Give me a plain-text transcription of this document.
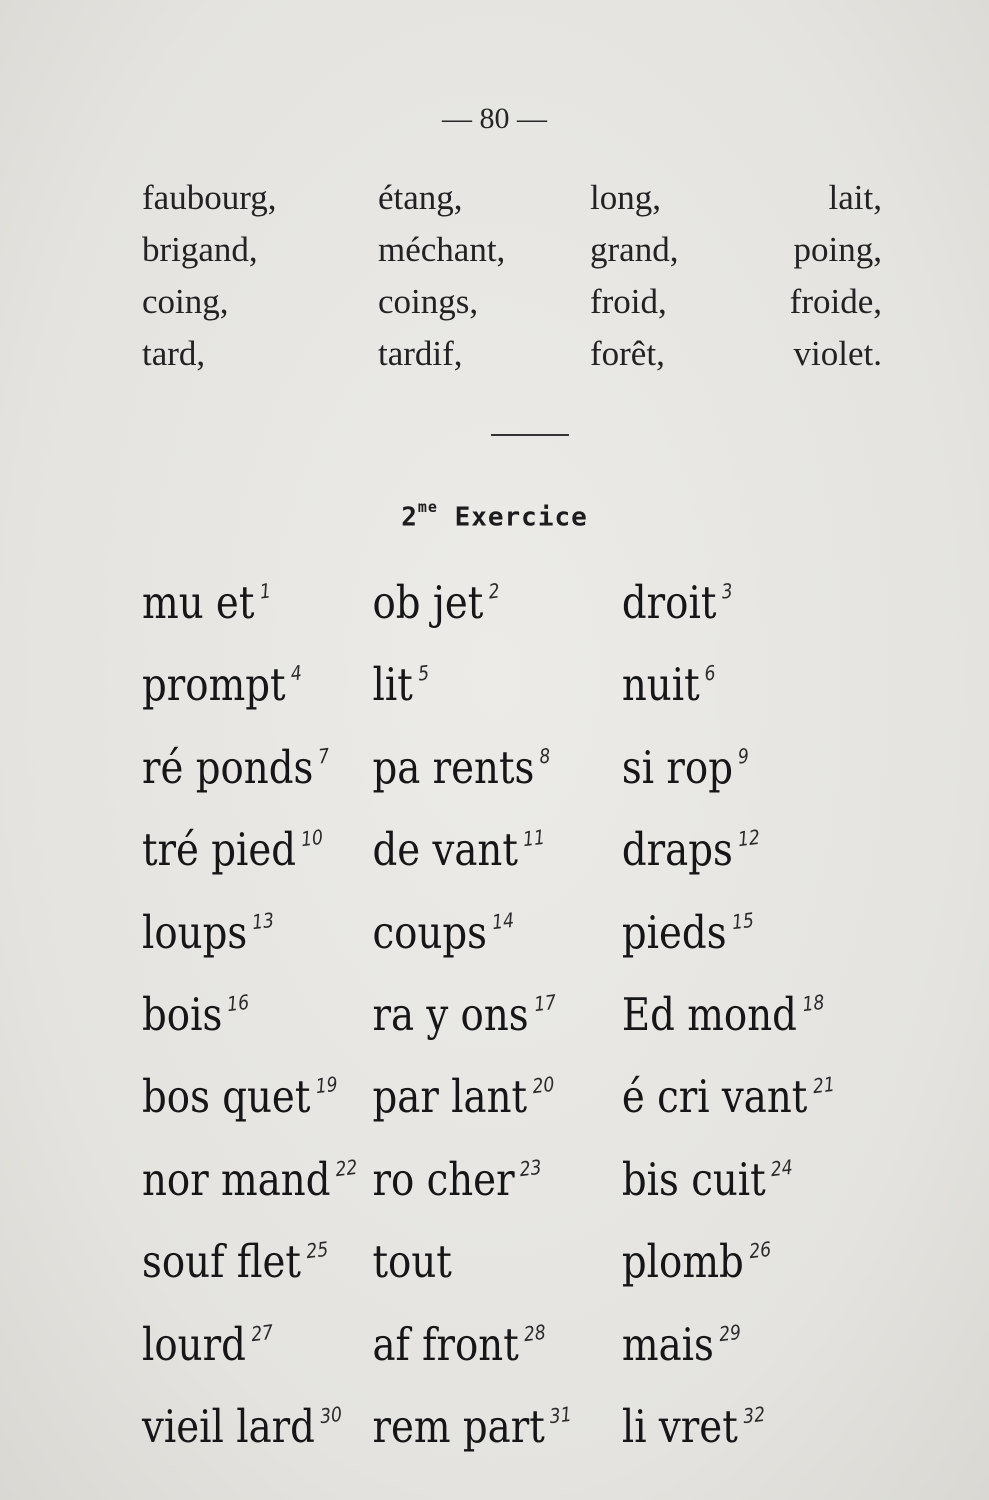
— 80 —
faubourg,	étang,	long,	lait,
brigand,	méchant,	grand,	poing,
coing,	coings,	froid,	froide,
tard,	tardif,	forêt,	violet.
$2^{me}$ Exercice
mu et 1	ob jet 2	droit 3
prompt 4	lit 5	nuit 6
ré ponds 7 pa rents 8	si rop 9
tré pied 10	de vant 11	draps 12
loups 13	coups 14	pieds 15
bois 16	ra y ons 17	Ed mond 18
bos quet 19 par lant 20	é cri vant 21
nor mand 22 ro cher 23	bis cuit 24
souf flet 25 tout	plomb 26
lourd 27	af front 28	mais 29
vieil lard 30 rem part 31	li vret 32
